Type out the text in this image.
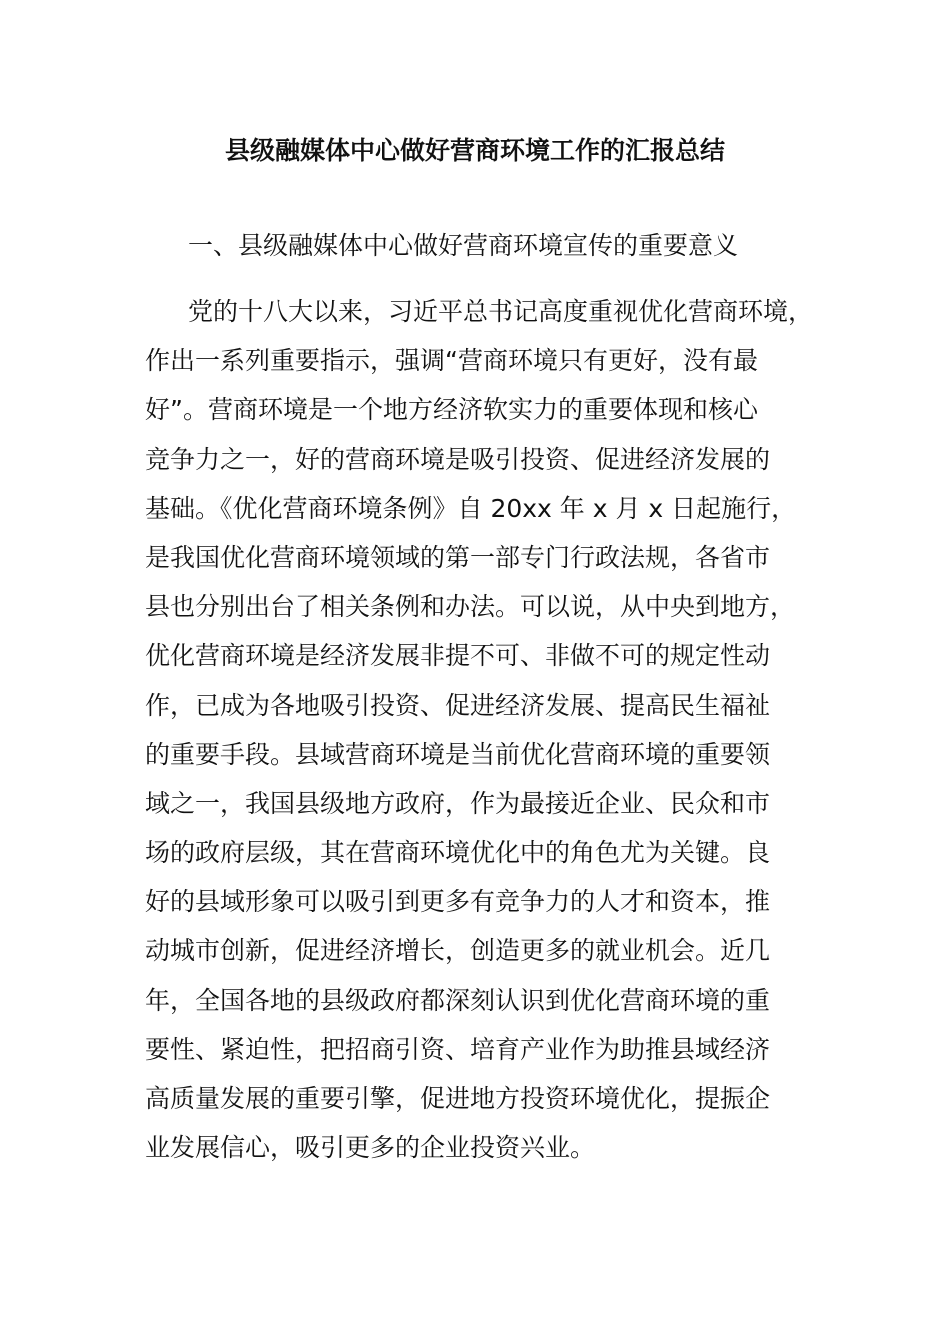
县级融媒体中心做好营商环境工作的汇报总结
一、县级融媒体中心做好营商环境宣传的重要意义
党的十八大以来，习近平总书记高度重视优化营商环境，
作出一系列重要指示，强调“营商环境只有更好，没有最
好”。营商环境是一个地方经济软实力的重要体现和核心
竞争力之一，好的营商环境是吸引投资、促进经济发展的
基础。《优化营商环境条例》自 20xx 年 x 月 x 日起施行，
是我国优化营商环境领域的第一部专门行政法规，各省市
县也分别出台了相关条例和办法。可以说，从中央到地方，
优化营商环境是经济发展非提不可、非做不可的规定性动
作，已成为各地吸引投资、促进经济发展、提高民生福祉
的重要手段。县域营商环境是当前优化营商环境的重要领
域之一，我国县级地方政府，作为最接近企业、民众和市
场的政府层级，其在营商环境优化中的角色尤为关键。良
好的县域形象可以吸引到更多有竞争力的人才和资本，推
动城市创新，促进经济增长，创造更多的就业机会。近几
年，全国各地的县级政府都深刻认识到优化营商环境的重
要性、紧迫性，把招商引资、培育产业作为助推县域经济
高质量发展的重要引擎，促进地方投资环境优化，提振企
业发展信心，吸引更多的企业投资兴业。
